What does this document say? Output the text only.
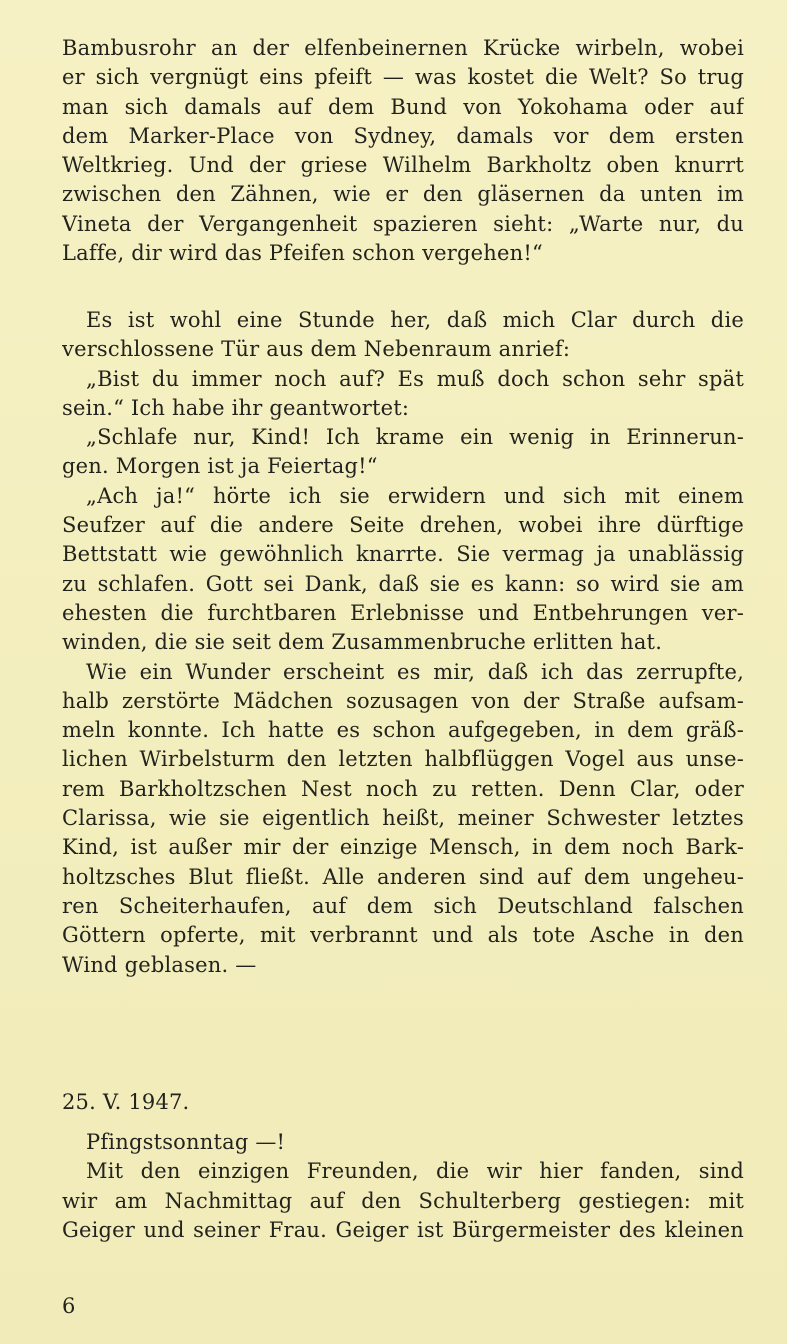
Bambusrohr an der elfenbeinernen Krücke wirbeln, wobei
er sich vergnügt eins pfeift — was kostet die Welt? So trug
man sich damals auf dem Bund von Yokohama oder auf
dem Marker-Place von Sydney, damals vor dem ersten
Weltkrieg. Und der griese Wilhelm Barkholtz oben knurrt
zwischen den Zähnen, wie er den gläsernen da unten im
Vineta der Vergangenheit spazieren sieht: „Warte nur, du
Laffe, dir wird das Pfeifen schon vergehen!“
Es ist wohl eine Stunde her, daß mich Clar durch die
verschlossene Tür aus dem Nebenraum anrief:
„Bist du immer noch auf? Es muß doch schon sehr spät
sein.“ Ich habe ihr geantwortet:
„Schlafe nur, Kind! Ich krame ein wenig in Erinnerun-
gen. Morgen ist ja Feiertag!“
„Ach ja!“ hörte ich sie erwidern und sich mit einem
Seufzer auf die andere Seite drehen, wobei ihre dürftige
Bettstatt wie gewöhnlich knarrte. Sie vermag ja unablässig
zu schlafen. Gott sei Dank, daß sie es kann: so wird sie am
ehesten die furchtbaren Erlebnisse und Entbehrungen ver-
winden, die sie seit dem Zusammenbruche erlitten hat.
Wie ein Wunder erscheint es mir, daß ich das zerrupfte,
halb zerstörte Mädchen sozusagen von der Straße aufsam-
meln konnte. Ich hatte es schon aufgegeben, in dem gräß-
lichen Wirbelsturm den letzten halbflüggen Vogel aus unse-
rem Barkholtzschen Nest noch zu retten. Denn Clar, oder
Clarissa, wie sie eigentlich heißt, meiner Schwester letztes
Kind, ist außer mir der einzige Mensch, in dem noch Bark-
holtzsches Blut fließt. Alle anderen sind auf dem ungeheu-
ren Scheiterhaufen, auf dem sich Deutschland falschen
Göttern opferte, mit verbrannt und als tote Asche in den
Wind geblasen. —
25. V. 1947.
Pfingstsonntag —!
Mit den einzigen Freunden, die wir hier fanden, sind
wir am Nachmittag auf den Schulterberg gestiegen: mit
Geiger und seiner Frau. Geiger ist Bürgermeister des kleinen
6
